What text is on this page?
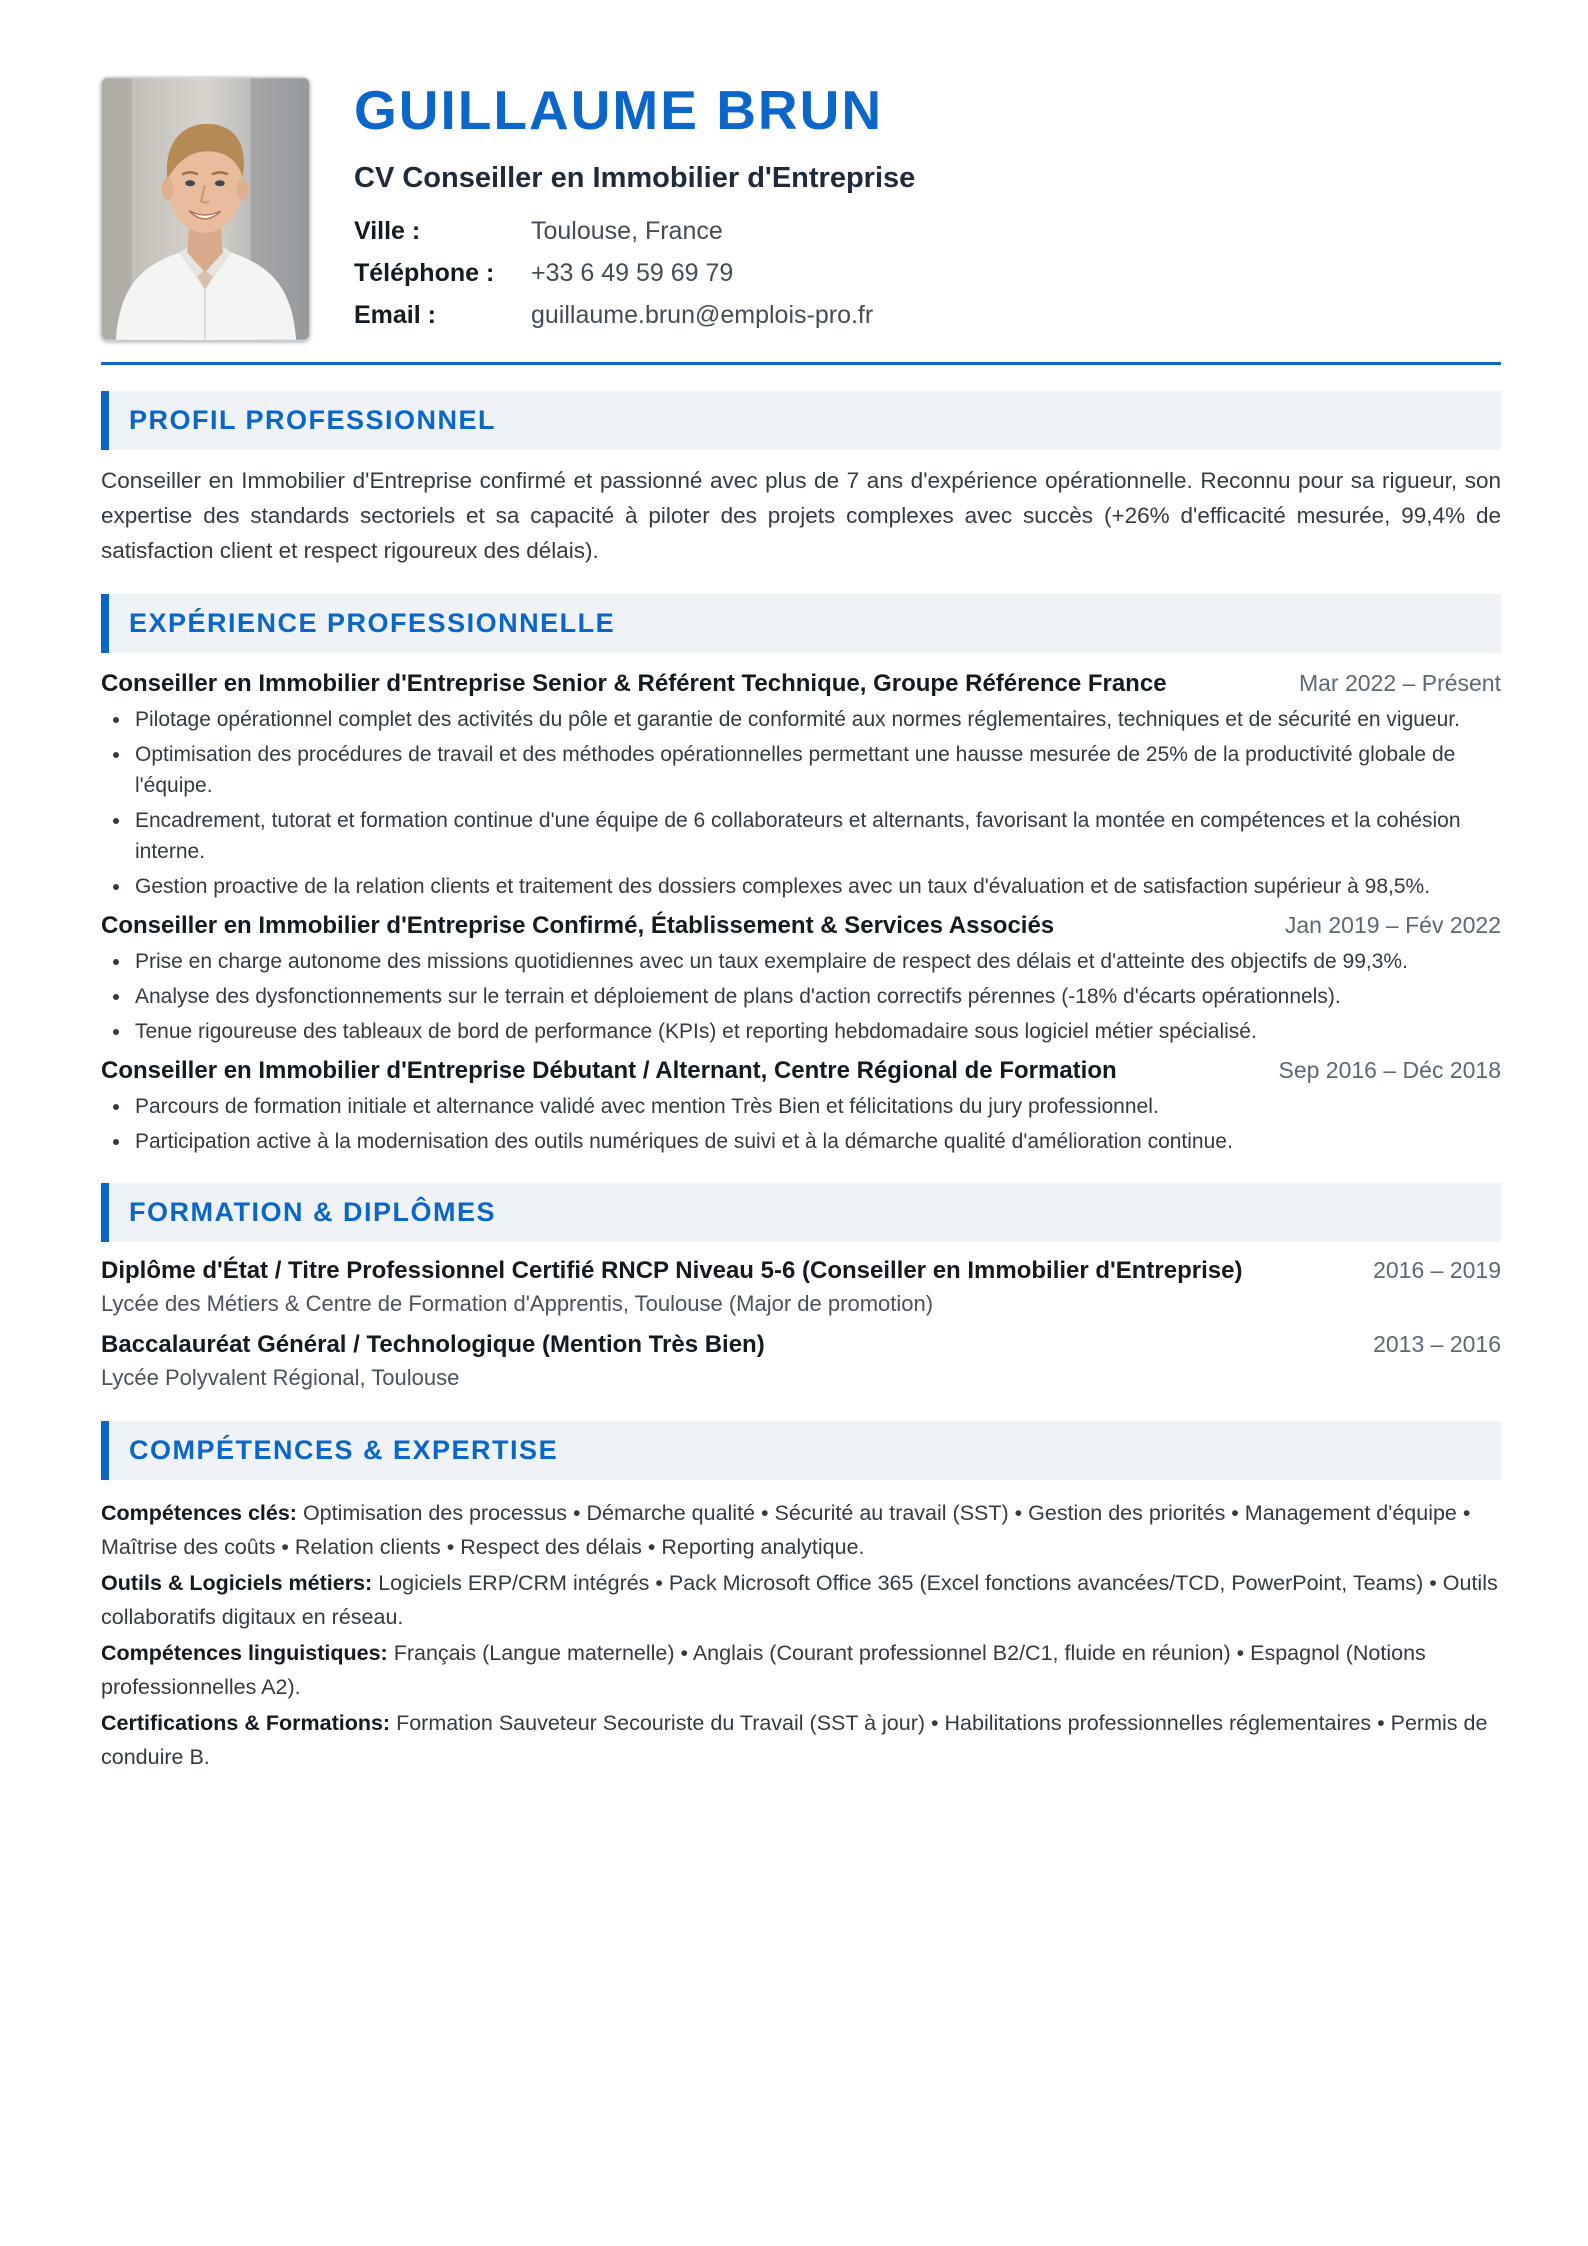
GUILLAUME BRUN
CV Conseiller en Immobilier d'Entreprise
Ville :	Toulouse, France
Téléphone :	+33 6 49 59 69 79
Email :	guillaume.brun@emplois-pro.fr
PROFIL PROFESSIONNEL

Conseiller en Immobilier d'Entreprise confirmé et passionné avec plus de 7 ans d'expérience opérationnelle. Reconnu pour sa rigueur, son expertise des standards sectoriels et sa capacité à piloter des projets complexes avec succès (+26% d'efficacité mesurée, 99,4% de satisfaction client et respect rigoureux des délais).

EXPÉRIENCE PROFESSIONNELLE
Conseiller en Immobilier d'Entreprise Senior & Référent Technique, Groupe Référence France	Mar 2022 – Présent
Pilotage opérationnel complet des activités du pôle et garantie de conformité aux normes réglementaires, techniques et de sécurité en vigueur.
Optimisation des procédures de travail et des méthodes opérationnelles permettant une hausse mesurée de 25% de la productivité globale de l'équipe.
Encadrement, tutorat et formation continue d'une équipe de 6 collaborateurs et alternants, favorisant la montée en compétences et la cohésion interne.
Gestion proactive de la relation clients et traitement des dossiers complexes avec un taux d'évaluation et de satisfaction supérieur à 98,5%.
Conseiller en Immobilier d'Entreprise Confirmé, Établissement & Services Associés	Jan 2019 – Fév 2022
Prise en charge autonome des missions quotidiennes avec un taux exemplaire de respect des délais et d'atteinte des objectifs de 99,3%.
Analyse des dysfonctionnements sur le terrain et déploiement de plans d'action correctifs pérennes (-18% d'écarts opérationnels).
Tenue rigoureuse des tableaux de bord de performance (KPIs) et reporting hebdomadaire sous logiciel métier spécialisé.
Conseiller en Immobilier d'Entreprise Débutant / Alternant, Centre Régional de Formation	Sep 2016 – Déc 2018
Parcours de formation initiale et alternance validé avec mention Très Bien et félicitations du jury professionnel.
Participation active à la modernisation des outils numériques de suivi et à la démarche qualité d'amélioration continue.
FORMATION & DIPLÔMES
Diplôme d'État / Titre Professionnel Certifié RNCP Niveau 5-6 (Conseiller en Immobilier d'Entreprise)	2016 – 2019
Lycée des Métiers & Centre de Formation d'Apprentis, Toulouse (Major de promotion)
Baccalauréat Général / Technologique (Mention Très Bien)	2013 – 2016
Lycée Polyvalent Régional, Toulouse
COMPÉTENCES & EXPERTISE

Compétences clés: Optimisation des processus • Démarche qualité • Sécurité au travail (SST) • Gestion des priorités • Management d'équipe • Maîtrise des coûts • Relation clients • Respect des délais • Reporting analytique.

Outils & Logiciels métiers: Logiciels ERP/CRM intégrés • Pack Microsoft Office 365 (Excel fonctions avancées/TCD, PowerPoint, Teams) • Outils collaboratifs digitaux en réseau.

Compétences linguistiques: Français (Langue maternelle) • Anglais (Courant professionnel B2/C1, fluide en réunion) • Espagnol (Notions professionnelles A2).

Certifications & Formations: Formation Sauveteur Secouriste du Travail (SST à jour) • Habilitations professionnelles réglementaires • Permis de conduire B.
